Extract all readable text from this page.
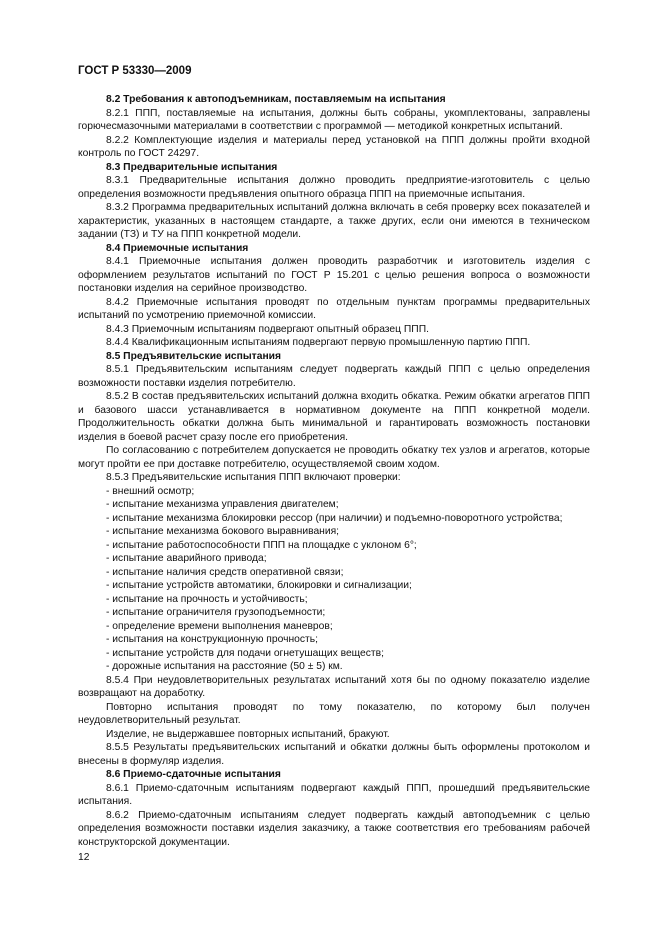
ГОСТ Р 53330—2009

8.2 Требования к автоподъемникам, поставляемым на испытания

8.2.1 ППП, поставляемые на испытания, должны быть собраны, укомплектованы, заправлены горючесмазочными материалами в соответствии с программой — методикой конкретных испытаний.

8.2.2 Комплектующие изделия и материалы перед установкой на ППП должны пройти входной контроль по ГОСТ 24297.

8.3 Предварительные испытания

8.3.1 Предварительные испытания должно проводить предприятие-изготовитель с целью определения возможности предъявления опытного образца ППП на приемочные испытания.

8.3.2 Программа предварительных испытаний должна включать в себя проверку всех показателей и характеристик, указанных в настоящем стандарте, а также других, если они имеются в техническом задании (ТЗ) и ТУ на ППП конкретной модели.

8.4 Приемочные испытания

8.4.1 Приемочные испытания должен проводить разработчик и изготовитель изделия с оформлением результатов испытаний по ГОСТ Р 15.201 с целью решения вопроса о возможности постановки изделия на серийное производство.

8.4.2 Приемочные испытания проводят по отдельным пунктам программы предварительных испытаний по усмотрению приемочной комиссии.

8.4.3 Приемочным испытаниям подвергают опытный образец ППП.

8.4.4 Квалификационным испытаниям подвергают первую промышленную партию ППП.

8.5 Предъявительские испытания

8.5.1 Предъявительским испытаниям следует подвергать каждый ППП с целью определения возможности поставки изделия потребителю.

8.5.2 В состав предъявительских испытаний должна входить обкатка. Режим обкатки агрегатов ППП и базового шасси устанавливается в нормативном документе на ППП конкретной модели. Продолжительность обкатки должна быть минимальной и гарантировать возможность постановки изделия в боевой расчет сразу после его приобретения.

По согласованию с потребителем допускается не проводить обкатку тех узлов и агрегатов, которые могут пройти ее при доставке потребителю, осуществляемой своим ходом.

8.5.3 Предъявительские испытания ППП включают проверки:

- внешний осмотр;

- испытание механизма управления двигателем;

- испытание механизма блокировки рессор (при наличии) и подъемно-поворотного устройства;

- испытание механизма бокового выравнивания;

- испытание работоспособности ППП на площадке с уклоном 6°;

- испытание аварийного привода;

- испытание наличия средств оперативной связи;

- испытание устройств автоматики, блокировки и сигнализации;

- испытание на прочность и устойчивость;

- испытание ограничителя грузоподъемности;

- определение времени выполнения маневров;

- испытания на конструкционную прочность;

- испытание устройств для подачи огнетушащих веществ;

- дорожные испытания на расстояние (50 ± 5) км.

8.5.4 При неудовлетворительных результатах испытаний хотя бы по одному показателю изделие возвращают на доработку.

Повторно испытания проводят по тому показателю, по которому был получен неудовлетворительный результат.

Изделие, не выдержавшее повторных испытаний, бракуют.

8.5.5 Результаты предъявительских испытаний и обкатки должны быть оформлены протоколом и внесены в формуляр изделия.

8.6 Приемо-сдаточные испытания

8.6.1 Приемо-сдаточным испытаниям подвергают каждый ППП, прошедший предъявительские испытания.

8.6.2 Приемо-сдаточным испытаниям следует подвергать каждый автоподъемник с целью определения возможности поставки изделия заказчику, а также соответствия его требованиям рабочей конструкторской документации.

12
